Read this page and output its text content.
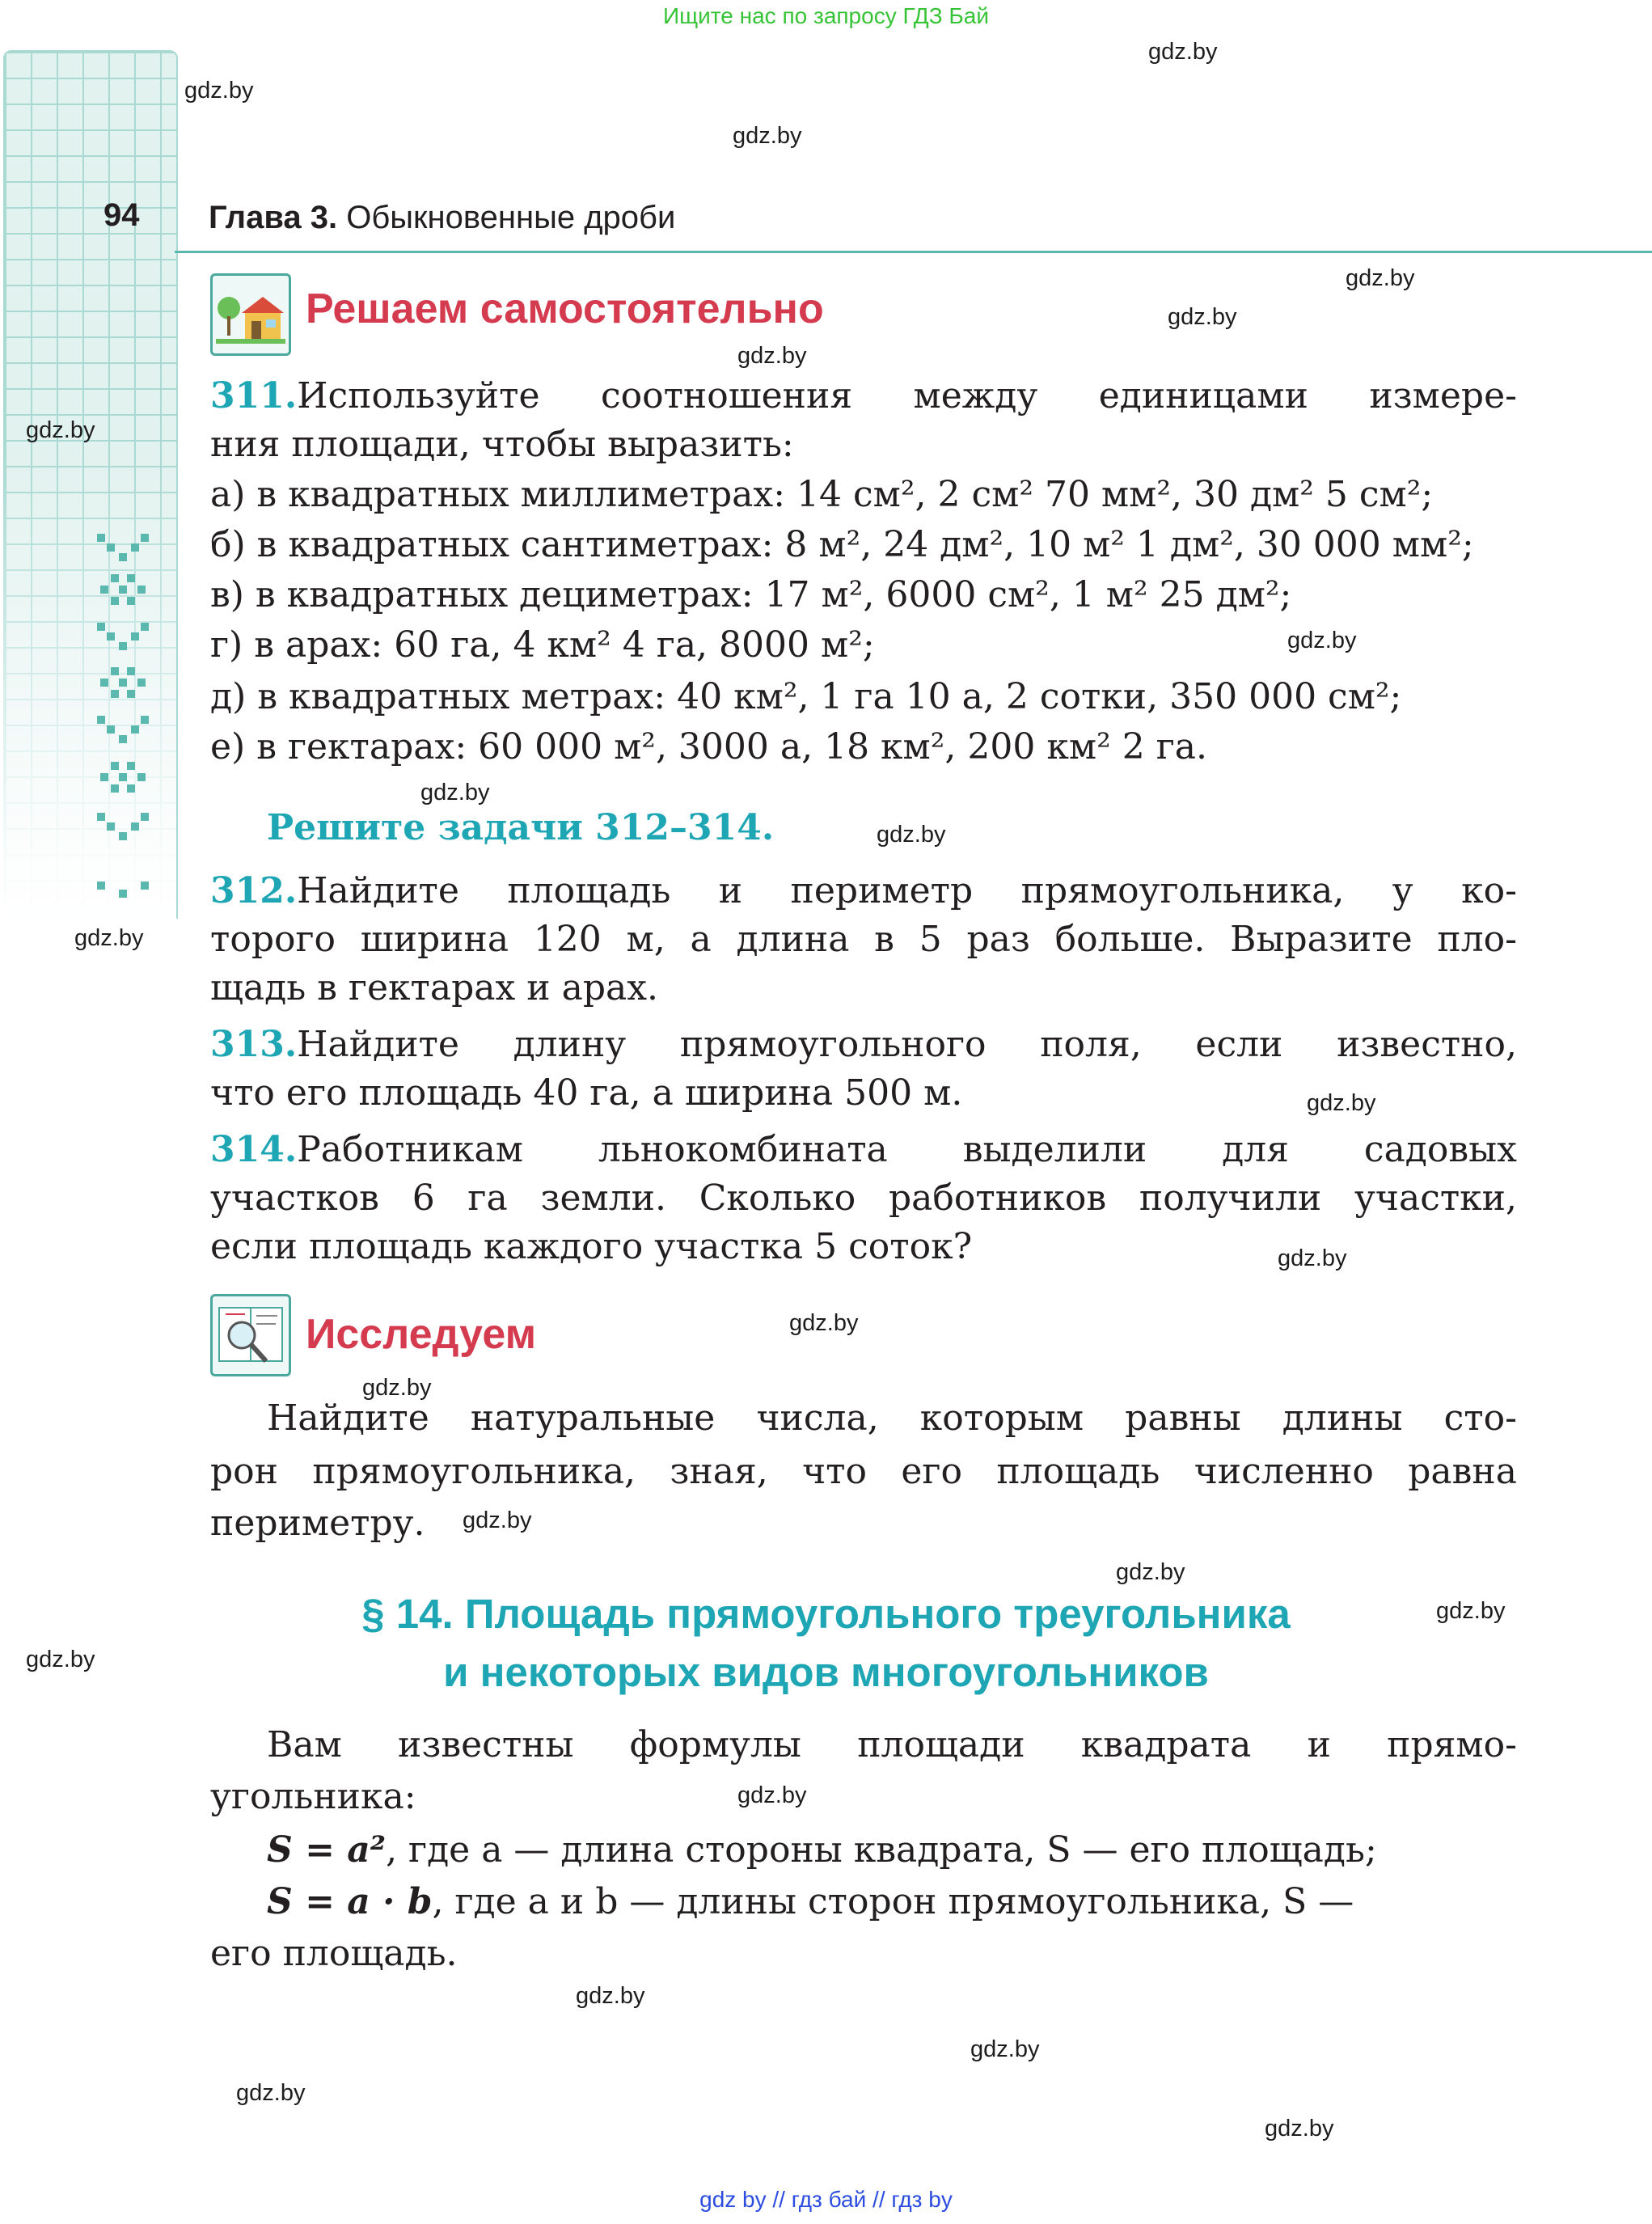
Ищите нас по запросу ГДЗ Бай
94 Глава 3. Обыкновенные дроби
Решаем самостоятельно
311.Используйте соотношения между единицами измере-
ния площади, чтобы выразить:
а) в квадратных миллиметрах: 14 см², 2 см² 70 мм², 30 дм² 5 см²;
б) в квадратных сантиметрах: 8 м², 24 дм², 10 м² 1 дм², 30 000 мм²;
в) в квадратных дециметрах: 17 м², 6000 см², 1 м² 25 дм²;
г) в арах: 60 га, 4 км² 4 га, 8000 м²;
д) в квадратных метрах: 40 км², 1 га 10 а, 2 сотки, 350 000 см²;
е) в гектарах: 60 000 м², 3000 а, 18 км², 200 км² 2 га.
Решите задачи 312–314.
312.Найдите площадь и периметр прямоугольника, у ко-
торого ширина 120 м, а длина в 5 раз больше. Выразите пло-
щадь в гектарах и арах.
313.Найдите длину прямоугольного поля, если известно,
что его площадь 40 га, а ширина 500 м.
314.Работникам льнокомбината выделили для садовых
участков 6 га земли. Сколько работников получили участки,
если площадь каждого участка 5 соток?
Исследуем
Найдите натуральные числа, которым равны длины сто-
рон прямоугольника, зная, что его площадь численно равна
периметру.
§ 14. Площадь прямоугольного треугольника
и некоторых видов многоугольников
Вам известны формулы площади квадрата и прямо-
угольника:
S = a², где a — длина стороны квадрата, S — его площадь;
S = a · b, где a и b — длины сторон прямоугольника, S —
его площадь.
gdz.by
gdz.by
gdz.by
gdz.by
gdz.by
gdz.by
gdz.by
gdz.by
gdz.by
gdz.by
gdz.by
gdz.by
gdz.by
gdz.by
gdz.by
gdz.by
gdz.by
gdz.by
gdz.by
gdz.by
gdz.by
gdz.by
gdz.by
gdz.by
gdz by // гдз бай // гдз by
